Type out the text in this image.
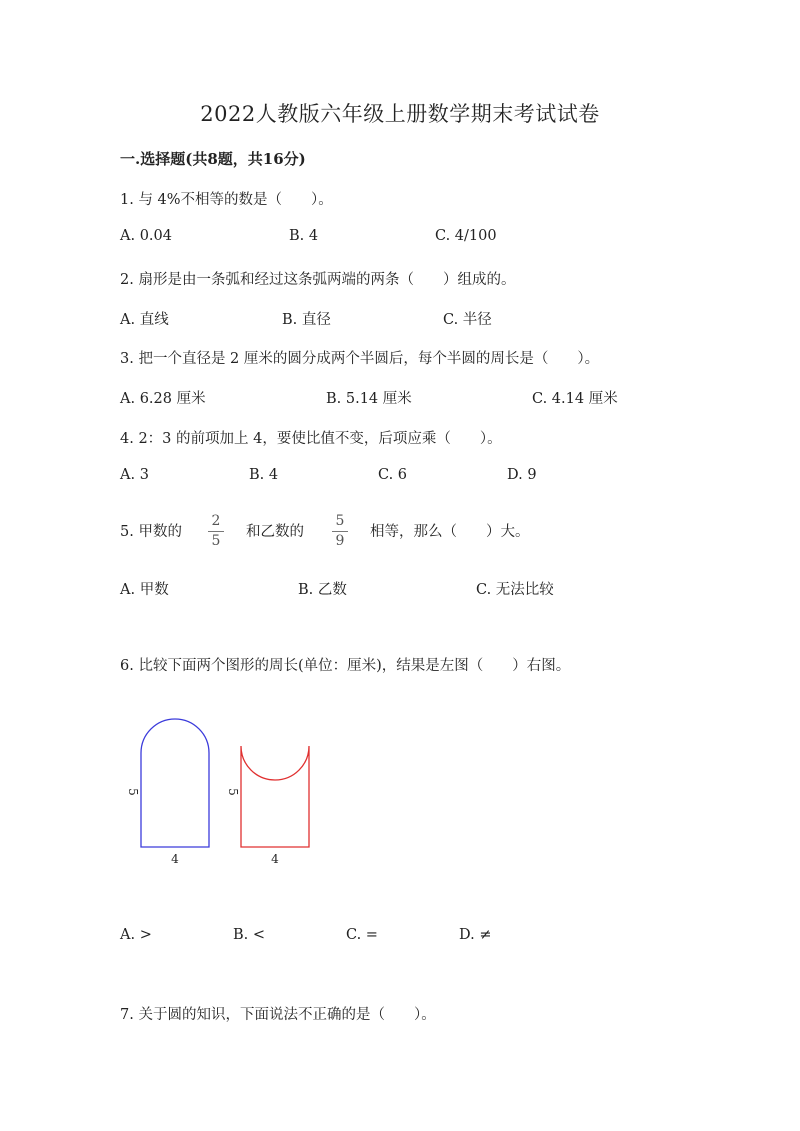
2022人教版六年级上册数学期末考试试卷
一.选择题(共8题，共16分)
1. 与 4%不相等的数是（　　）。
A. 0.04	B. 4	C. 4/100
2. 扇形是由一条弧和经过这条弧两端的两条（　　）组成的。
A. 直线	B. 直径	C. 半径
3. 把一个直径是 2 厘米的圆分成两个半圆后，每个半圆的周长是（　　）。
A. 6.28 厘米	B. 5.14 厘米	C. 4.14 厘米
4. 2：3 的前项加上 4，要使比值不变，后项应乘（　　）。
A. 3	B. 4	C. 6	D. 9
5. 甲数的
2
5
和乙数的
5
9
相等，那么（　　）大。
A. 甲数	B. 乙数	C. 无法比较
6. 比较下面两个图形的周长(单位：厘米)，结果是左图（　　）右图。
5
4
5
4
A. >	B. <	C. =	D. ≠
7. 关于圆的知识，下面说法不正确的是（　　）。
